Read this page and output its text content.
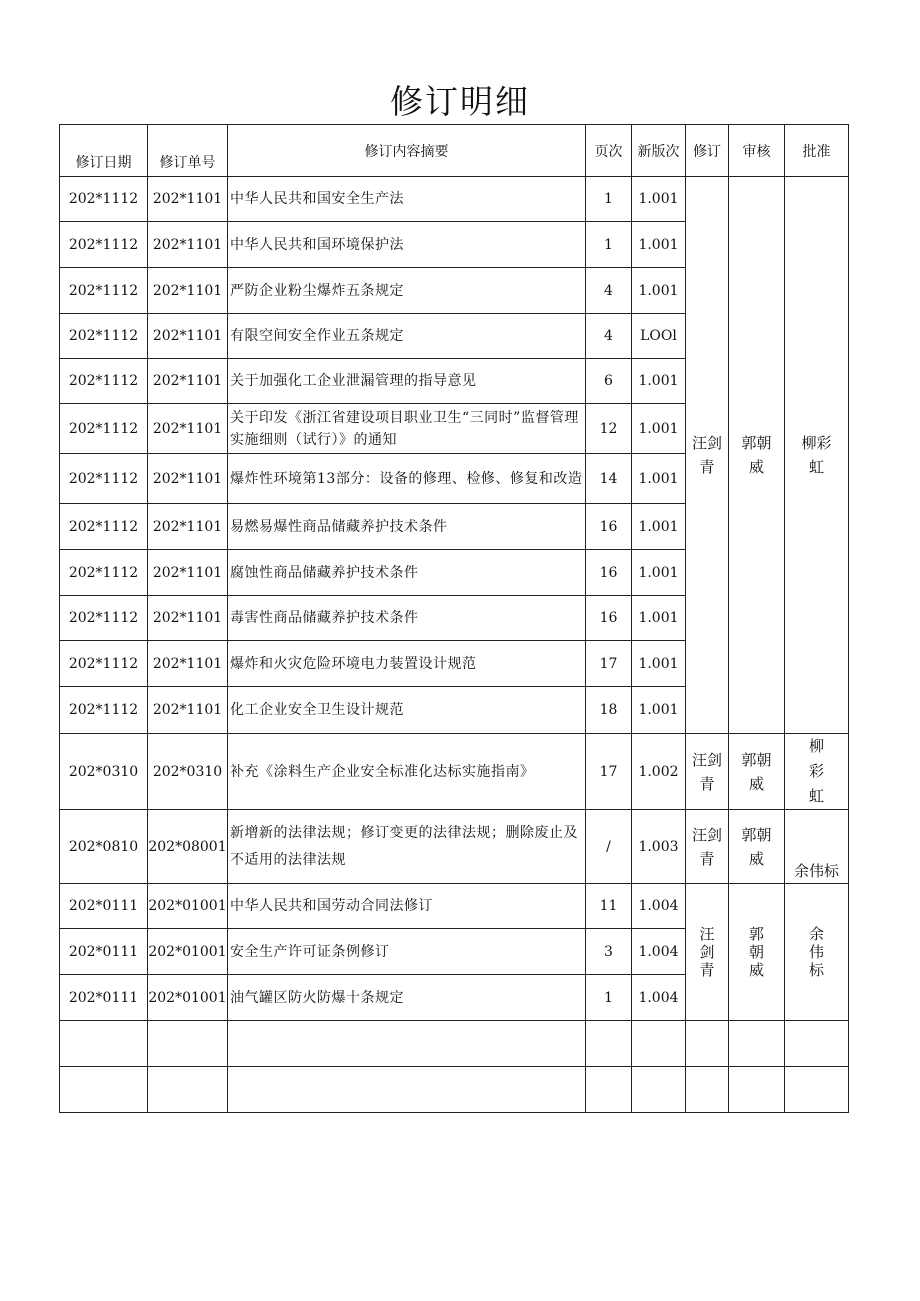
修订明细
修订日期	修订单号	修订内容摘要	页次	新版次	修订	审核	批准
202*1112	202*1101	中华人民共和国安全生产法	1	1.001	汪剑青	郭朝威	柳彩虹
202*1112	202*1101	中华人民共和国环境保护法	1	1.001			
202*1112	202*1101	严防企业粉尘爆炸五条规定	4	1.001			
202*1112	202*1101	有限空间安全作业五条规定	4	LOOl			
202*1112	202*1101	关于加强化工企业泄漏管理的指导意见	6	1.001			
202*1112	202*1101	关于印发《浙江省建设项目职业卫生“三同时”监督管理实施细则（试行）》的通知	12	1.001			
202*1112	202*1101	爆炸性环境第13部分：设备的修理、检修、修复和改造	14	1.001			
202*1112	202*1101	易燃易爆性商品储藏养护技术条件	16	1.001			
202*1112	202*1101	腐蚀性商品储藏养护技术条件	16	1.001			
202*1112	202*1101	毒害性商品储藏养护技术条件	16	1.001			
202*1112	202*1101	爆炸和火灾危险环境电力装置设计规范	17	1.001			
202*1112	202*1101	化工企业安全卫生设计规范	18	1.001			
202*0310	202*0310	补充《涂料生产企业安全标准化达标实施指南》	17	1.002	汪剑青	郭朝威	柳彩虹
202*0810	202*08001	新增新的法律法规；修订变更的法律法规；删除废止及不适用的法律法规	/	1.003	汪剑青	郭朝威	余伟标
202*0111	202*01001	中华人民共和国劳动合同法修订	11	1.004	汪剑青	郭朝威	余伟标
202*0111	202*01001	安全生产许可证条例修订	3	1.004			
202*0111	202*01001	油气罐区防火防爆十条规定	1	1.004			
